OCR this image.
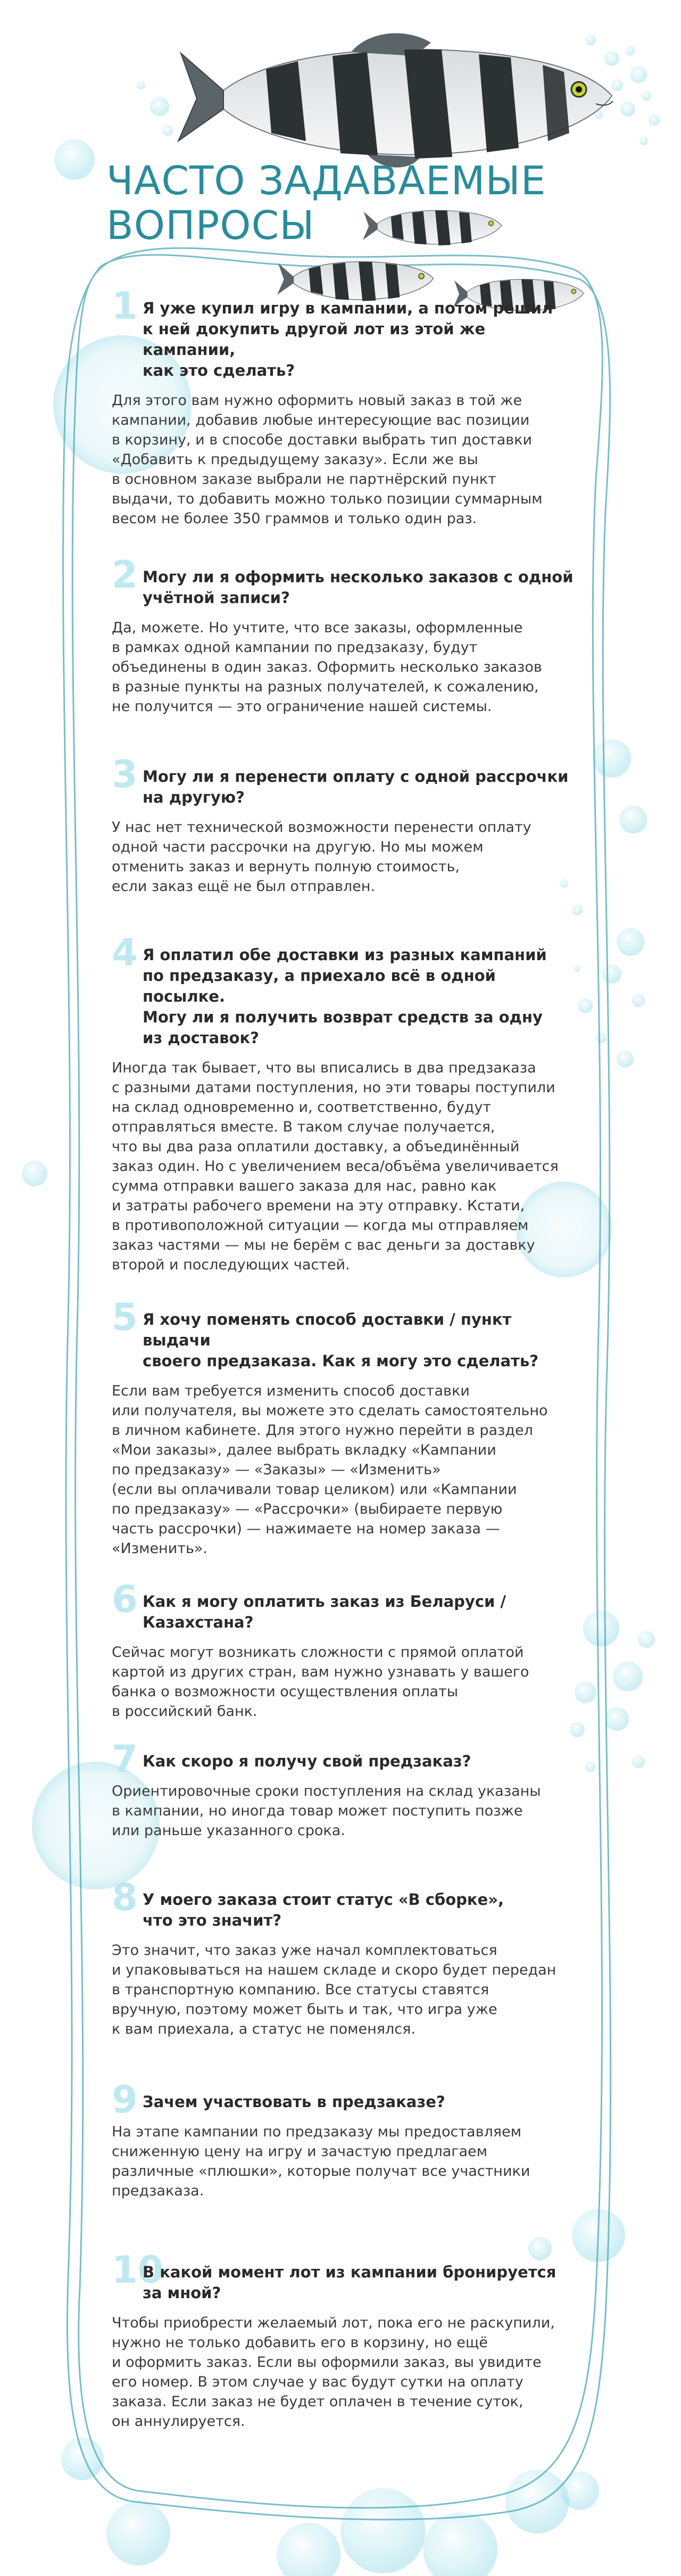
ЧАСТО ЗАДАВАЕМЫЕ
ВОПРОСЫ
1 Я уже купил игру в кампании, а потом решил
к ней докупить другой лот из этой же кампании,
как это сделать?

Для этого вам нужно оформить новый заказ в той же
кампании, добавив любые интересующие вас позиции
в корзину, и в способе доставки выбрать тип доставки
«Добавить к предыдущему заказу». Если же вы
в основном заказе выбрали не партнёрский пункт
выдачи, то добавить можно только позиции суммарным
весом не более 350 граммов и только один раз.

2 Могу ли я оформить несколько заказов с одной
учётной записи?

Да, можете. Но учтите, что все заказы, оформленные
в рамках одной кампании по предзаказу, будут
объединены в один заказ. Оформить несколько заказов
в разные пункты на разных получателей, к сожалению,
не получится — это ограничение нашей системы.

3 Могу ли я перенести оплату с одной рассрочки
на другую?

У нас нет технической возможности перенести оплату
одной части рассрочки на другую. Но мы можем
отменить заказ и вернуть полную стоимость,
если заказ ещё не был отправлен.

4 Я оплатил обе доставки из разных кампаний
по предзаказу, а приехало всё в одной посылке.
Могу ли я получить возврат средств за одну
из доставок?

Иногда так бывает, что вы вписались в два предзаказа
с разными датами поступления, но эти товары поступили
на склад одновременно и, соответственно, будут
отправляться вместе. В таком случае получается,
что вы два раза оплатили доставку, а объединённый
заказ один. Но с увеличением веса/объёма увеличивается
сумма отправки вашего заказа для нас, равно как
и затраты рабочего времени на эту отправку. Кстати,
в противоположной ситуации — когда мы отправляем
заказ частями — мы не берём с вас деньги за доставку
второй и последующих частей.

5 Я хочу поменять способ доставки / пункт выдачи
своего предзаказа. Как я могу это сделать?

Если вам требуется изменить способ доставки
или получателя, вы можете это сделать самостоятельно
в личном кабинете. Для этого нужно перейти в раздел
«Мои заказы», далее выбрать вкладку «Кампании
по предзаказу» — «Заказы» — «Изменить»
(если вы оплачивали товар целиком) или «Кампании
по предзаказу» — «Рассрочки» (выбираете первую
часть рассрочки) — нажимаете на номер заказа —
«Изменить».

6 Как я могу оплатить заказ из Беларуси / Казахстана?

Сейчас могут возникать сложности с прямой оплатой
картой из других стран, вам нужно узнавать у вашего
банка о возможности осуществления оплаты
в российский банк.

7 Как скоро я получу свой предзаказ?

Ориентировочные сроки поступления на склад указаны
в кампании, но иногда товар может поступить позже
или раньше указанного срока.

8 У моего заказа стоит статус «В сборке»,
что это значит?

Это значит, что заказ уже начал комплектоваться
и упаковываться на нашем складе и скоро будет передан
в транспортную компанию. Все статусы ставятся
вручную, поэтому может быть и так, что игра уже
к вам приехала, а статус не поменялся.

9 Зачем участвовать в предзаказе?

На этапе кампании по предзаказу мы предоставляем
сниженную цену на игру и зачастую предлагаем
различные «плюшки», которые получат все участники
предзаказа.

10

В какой момент лот из кампании бронируется
за мной?

Чтобы приобрести желаемый лот, пока его не раскупили,
нужно не только добавить его в корзину, но ещё
и оформить заказ. Если вы оформили заказ, вы увидите
его номер. В этом случае у вас будут сутки на оплату
заказа. Если заказ не будет оплачен в течение суток,
он аннулируется.
